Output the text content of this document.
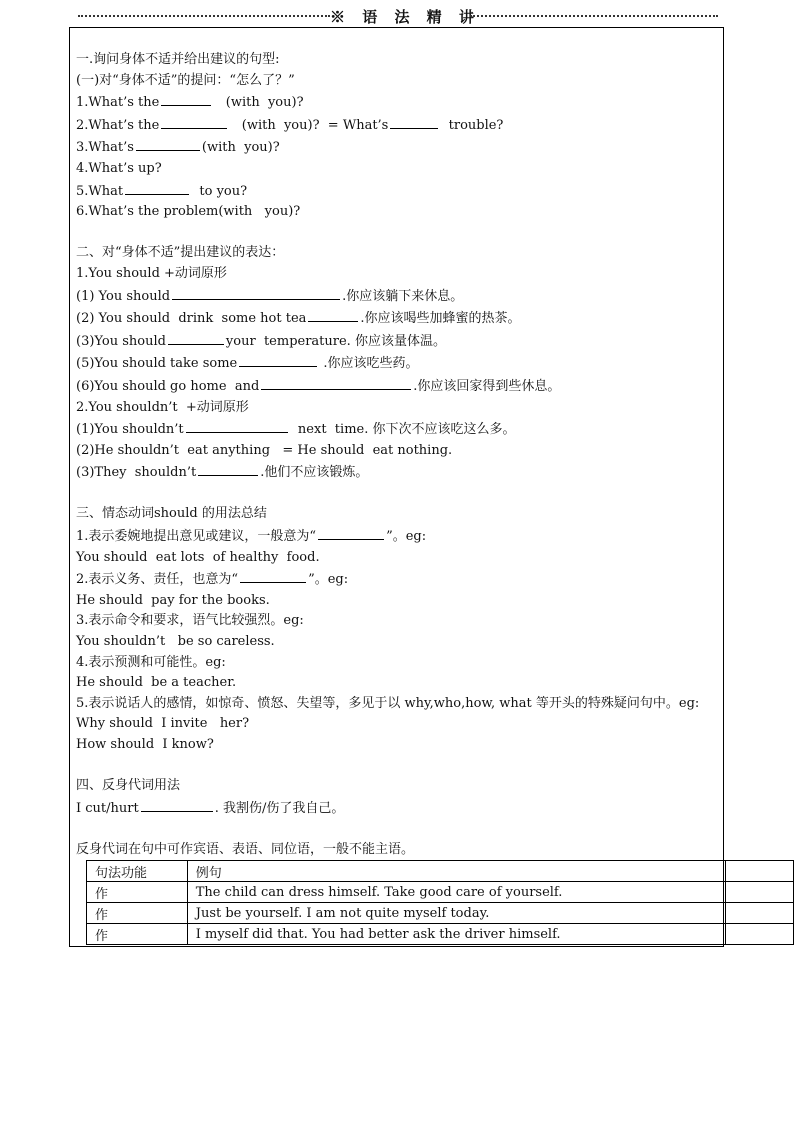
※ 语 法 精 讲
一.询问身体不适并给出建议的句型:
(一)对“身体不适”的提问：“怎么了？”
1.What’s the	(with  you)?
2.What’s the	(with  you)?  = What’s	trouble?
3.What’s	(with  you)?
4.What’s up?
5.What	to you?
6.What’s the problem(with   you)?
二、对“身体不适”提出建议的表达：
1.You should +动词原形
(1) You should	.你应该躺下来休息。
(2) You should  drink  some hot tea	.你应该喝些加蜂蜜的热茶。
(3)You should	your  temperature. 你应该量体温。
(5)You should take some	.你应该吃些药。
(6)You should go home  and	.你应该回家得到些休息。
2.You shouldn’t  +动词原形
(1)You shouldn’t	next  time. 你下次不应该吃这么多。
(2)He shouldn’t  eat anything   = He should  eat nothing.
(3)They  shouldn’t	.他们不应该锻炼。
三、情态动词should 的用法总结
1.表示委婉地提出意见或建议，一般意为“	”。eg:
You should  eat lots  of healthy  food.
2.表示义务、责任，也意为“	”。eg:
He should  pay for the books.
3.表示命令和要求，语气比较强烈。eg:
You shouldn’t   be so careless.
4.表示预测和可能性。eg:
He should  be a teacher.
5.表示说话人的感情，如惊奇、愤怒、失望等，多见于以 why,who,how, what 等开头的特殊疑问句中。eg:
Why should  I invite   her?
How should  I know?
四、反身代词用法
I cut/hurt	. 我割伤/伤了我自己。
反身代词在句中可作宾语、表语、同位语，一般不能主语。
句法功能	例句	
作	The child can dress himself. Take good care of yourself.	
作	Just be yourself. I am not quite myself today.	
作	I myself did that. You had better ask the driver himself.	
